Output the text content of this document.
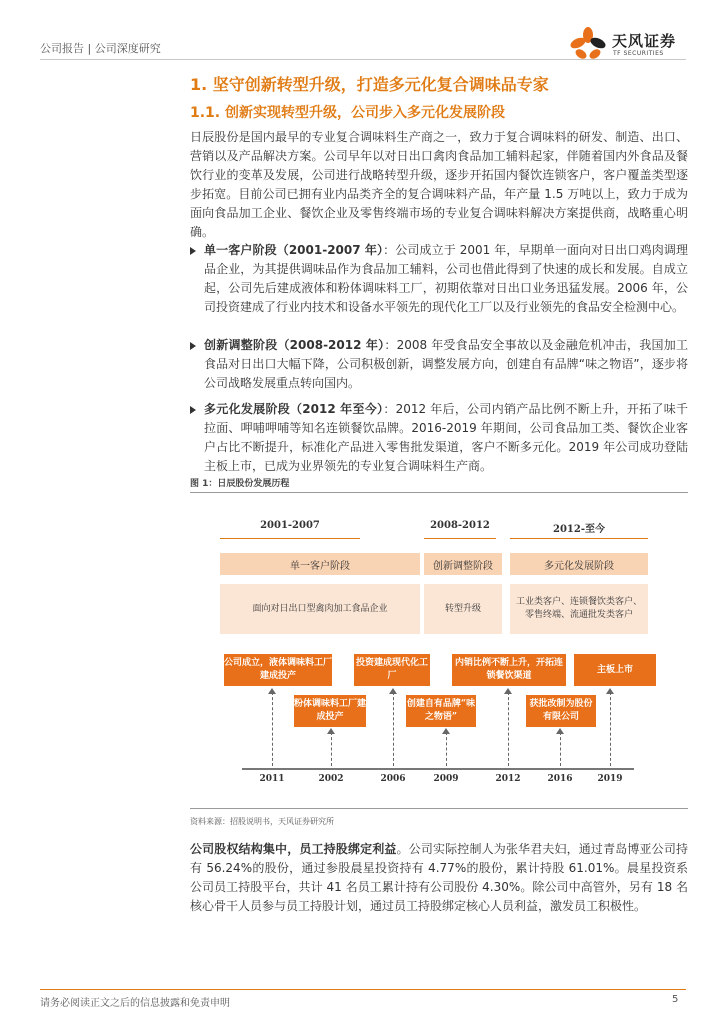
公司报告 | 公司深度研究	天风证券
TF SECURITIES
1. 坚守创新转型升级，打造多元化复合调味品专家
1.1. 创新实现转型升级，公司步入多元化发展阶段

日辰股份是国内最早的专业复合调味料生产商之一，致力于复合调味料的研发、制造、出口、营销以及产品解决方案。公司早年以对日出口禽肉食品加工辅料起家，伴随着国内外食品及餐饮行业的变革及发展，公司进行战略转型升级，逐步开拓国内餐饮连锁客户，客户覆盖类型逐步拓宽。目前公司已拥有业内品类齐全的复合调味料产品，年产量 1.5 万吨以上，致力于成为面向食品加工企业、餐饮企业及零售终端市场的专业复合调味料解决方案提供商，战略重心明确。

单一客户阶段（2001-2007 年）：公司成立于 2001 年，早期单一面向对日出口鸡肉调理品企业，为其提供调味品作为食品加工辅料，公司也借此得到了快速的成长和发展。自成立起，公司先后建成液体和粉体调味料工厂，初期依靠对日出口业务迅猛发展。2006 年，公司投资建成了行业内技术和设备水平领先的现代化工厂以及行业领先的食品安全检测中心。
创新调整阶段（2008-2012 年）：2008 年受食品安全事故以及金融危机冲击，我国加工食品对日出口大幅下降，公司积极创新，调整发展方向，创建自有品牌“味之物语”，逐步将公司战略发展重点转向国内。
多元化发展阶段（2012 年至今）：2012 年后，公司内销产品比例不断上升，开拓了味千拉面、呷哺呷哺等知名连锁餐饮品牌。2016-2019 年期间，公司食品加工类、餐饮企业客户占比不断提升，标准化产品进入零售批发渠道，客户不断多元化。2019 年公司成功登陆主板上市，已成为业界领先的专业复合调味料生产商。
图 1：日辰股份发展历程
2001-2007	2008-2012	2012-至今
单一客户阶段	创新调整阶段	多元化发展阶段
面向对日出口型禽肉加工食品企业	转型升级
工业类客户、连锁餐饮类客户、零售终端、流通批发类客户
公司成立，液体调味料工厂建成投产
投资建成现代化工厂
内销比例不断上升，开拓连锁餐饮渠道
主板上市
粉体调味料工厂建成投产
创建自有品牌“味之物语”
获批改制为股份有限公司
2011	2002	2006	2009	2012	2016	2019
资料来源：招股说明书，天风证券研究所

公司股权结构集中，员工持股绑定利益。公司实际控制人为张华君夫妇，通过青岛博亚公司持有 56.24%的股份，通过参股晨星投资持有 4.77%的股份，累计持股 61.01%。晨星投资系公司员工持股平台，共计 41 名员工累计持有公司股份 4.30%。除公司中高管外，另有 18 名核心骨干人员参与员工持股计划，通过员工持股绑定核心人员利益，激发员工积极性。

请务必阅读正文之后的信息披露和免责申明	5
